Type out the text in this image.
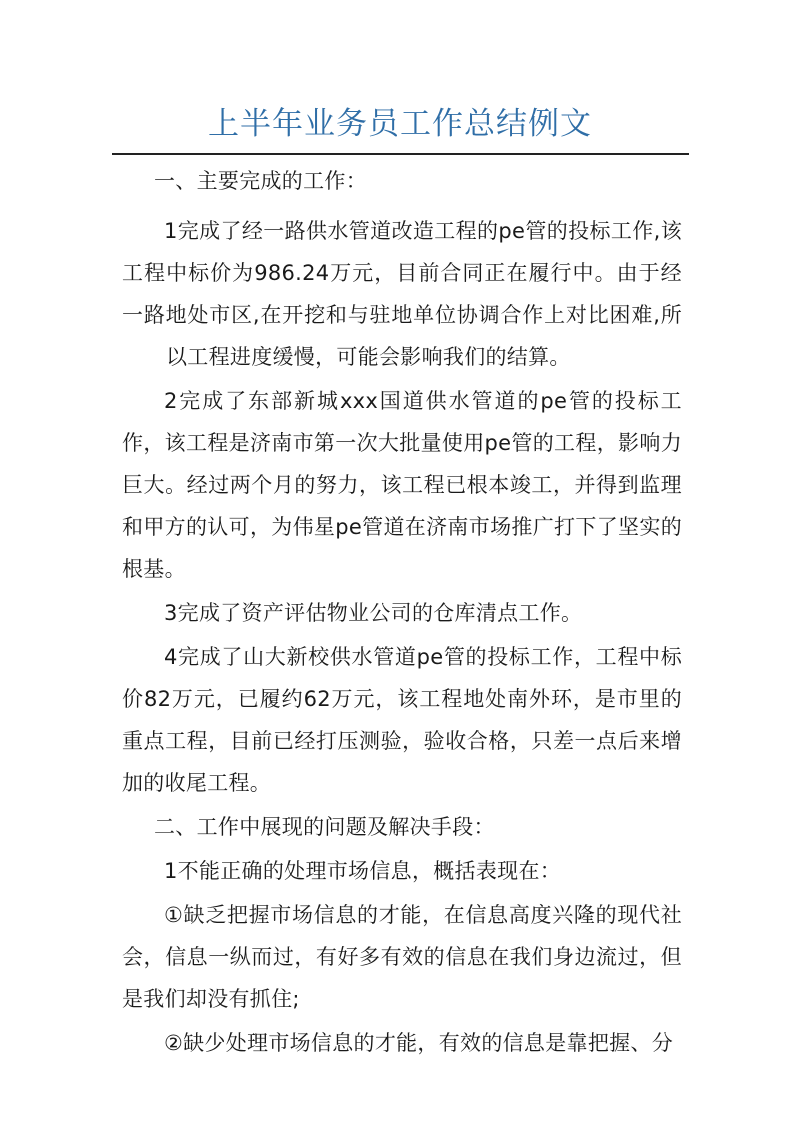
上半年业务员工作总结例文

一、主要完成的工作：

1完成了经一路供水管道改造工程的pe管的投标工作,该工程中标价为986.24万元，目前合同正在履行中。由于经一路地处市区,在开挖和与驻地单位协调合作上对比困难,所以工程进度缓慢，可能会影响我们的结算。

2完成了东部新城xxx国道供水管道的pe管的投标工作，该工程是济南市第一次大批量使用pe管的工程，影响力巨大。经过两个月的努力，该工程已根本竣工，并得到监理和甲方的认可，为伟星pe管道在济南市场推广打下了坚实的根基。

3完成了资产评估物业公司的仓库清点工作。

4完成了山大新校供水管道pe管的投标工作，工程中标价82万元，已履约62万元，该工程地处南外环，是市里的重点工程，目前已经打压测验，验收合格，只差一点后来增加的收尾工程。

二、工作中展现的问题及解决手段：

1不能正确的处理市场信息，概括表现在：

①缺乏把握市场信息的才能，在信息高度兴隆的现代社会，信息一纵而过，有好多有效的信息在我们身边流过，但是我们却没有抓住;

②缺少处理市场信息的才能，有效的信息是靠把握、分
